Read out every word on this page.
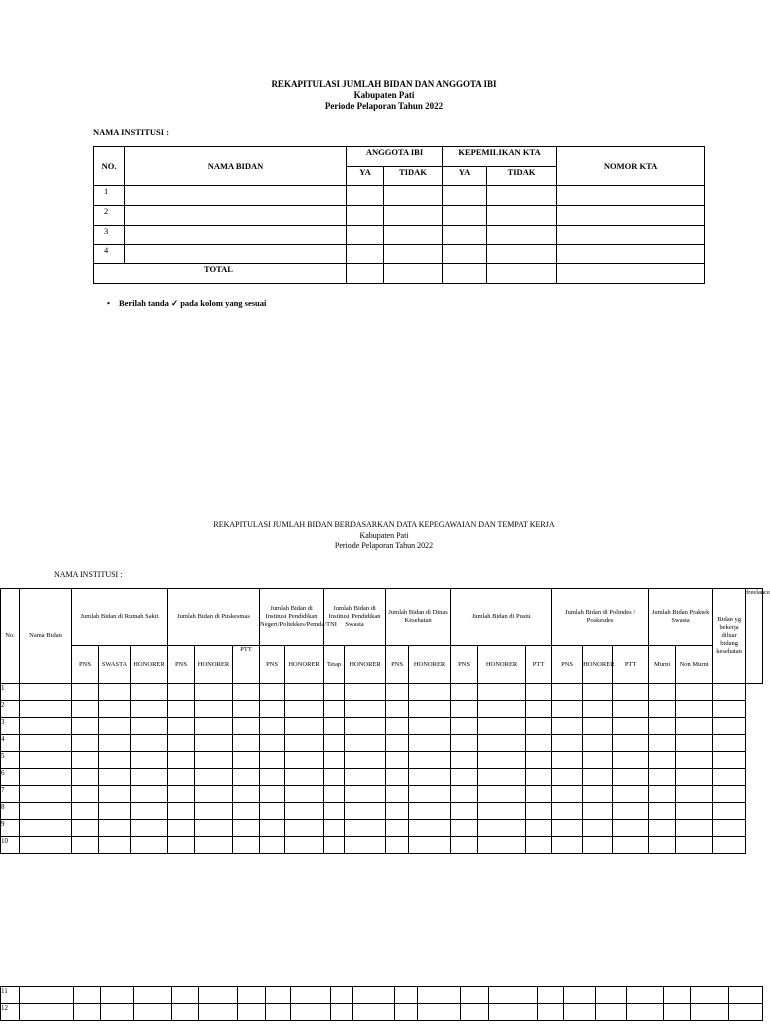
REKAPITULASI JUMLAH BIDAN DAN ANGGOTA IBI
Kabupaten Pati
Periode Pelaporan Tahun 2022
NAMA INSTITUSI :
NO.	NAMA BIDAN	ANGGOTA IBI		KEPEMILIKAN KTA		NOMOR KTA
		YA	TIDAK	YA	TIDAK	
1						
2						
3						
4						
TOTAL						
• Berilah tanda ✓ pada kolom yang sesuai
REKAPITULASI JUMLAH BIDAN BERDASARKAN DATA KEPEGAWAIAN DAN TEMPAT KERJA
Kabupaten Pati
Periode Pelaporan Tahun 2022
NAMA INSTITUSI :
No.	Nama Bidan	Jumlah Bidan di Rumah Sakit			Jumlah Bidan di Puskesmas			Jumlah Bidan di Institusi Pendidikan Negeri/Poltekkes/Pemda/TNI		Jumlah Bidan di Institusi Pendidikan Swasta		Jumlah Bidan di Dinas Kesehatan		Jumlah Bidan di Pustu			Jumlah Bidan di Polindes / Poskesdes			Jumlah Bidan Praktek Swasta		Bidan yg bekerja diluar bidang kesehatan	freelance
		PNS	SWASTA	HONORER	PNS	HONORER	PTT	PNS	HONORER	Tetap	HONORER	PNS	HONORER	PNS	HONORER	PTT	PNS	HONORER	PTT	Murni	Non Murni		
1																							
2																							
3																							
4																							
5																							
6																							
7																							
8																							
9																							
10																							
11																						
12																						
